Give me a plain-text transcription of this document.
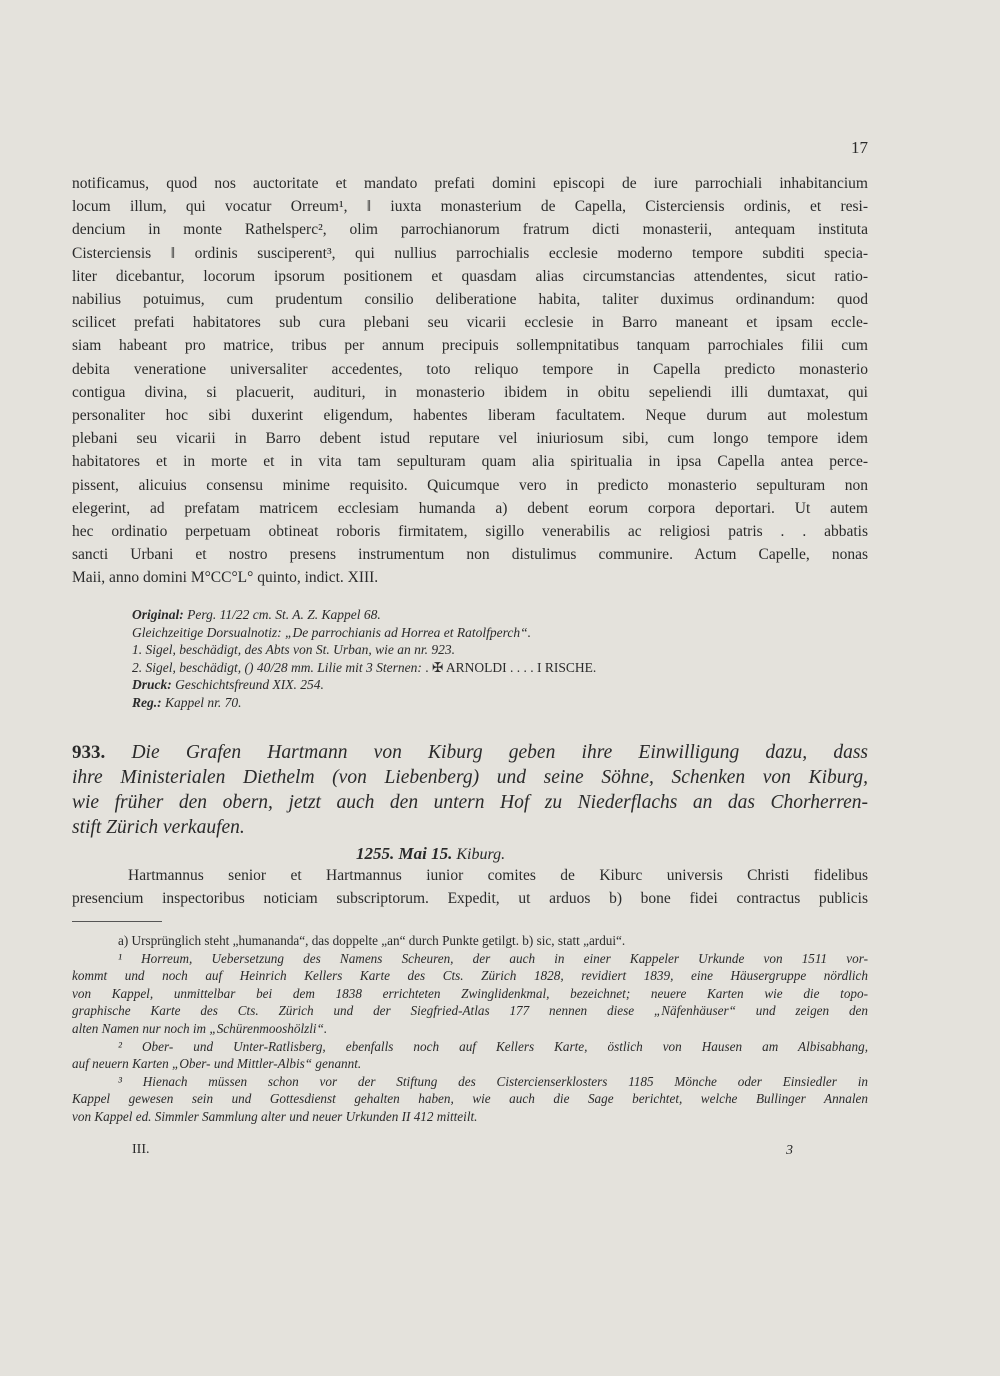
17
notificamus, quod nos auctoritate et mandato prefati domini episcopi de iure parrochiali inhabitancium
locum illum, qui vocatur Orreum¹, ‖ iuxta monasterium de Capella, Cisterciensis ordinis, et resi-
dencium in monte Rathelsperc², olim parrochianorum fratrum dicti monasterii, antequam instituta
Cisterciensis ‖ ordinis susciperent³, qui nullius parrochialis ecclesie moderno tempore subditi specia-
liter dicebantur, locorum ipsorum positionem et quasdam alias circumstancias attendentes, sicut ratio-
nabilius potuimus, cum prudentum consilio deliberatione habita, taliter duximus ordinandum: quod
scilicet prefati habitatores sub cura plebani seu vicarii ecclesie in Barro maneant et ipsam eccle-
siam habeant pro matrice, tribus per annum precipuis sollempnitatibus tanquam parrochiales filii cum
debita veneratione universaliter accedentes, toto reliquo tempore in Capella predicto monasterio
contigua divina, si placuerit, audituri, in monasterio ibidem in obitu sepeliendi illi dumtaxat, qui
personaliter hoc sibi duxerint eligendum, habentes liberam facultatem. Neque durum aut molestum
plebani seu vicarii in Barro debent istud reputare vel iniuriosum sibi, cum longo tempore idem
habitatores et in morte et in vita tam sepulturam quam alia spiritualia in ipsa Capella antea perce-
pissent, alicuius consensu minime requisito. Quicumque vero in predicto monasterio sepulturam non
elegerint, ad prefatam matricem ecclesiam humanda a) debent eorum corpora deportari. Ut autem
hec ordinatio perpetuam obtineat roboris firmitatem, sigillo venerabilis ac religiosi patris . . abbatis
sancti Urbani et nostro presens instrumentum non distulimus communire. Actum Capelle, nonas
Maii, anno domini M°CC°L° quinto, indict. XIII.
Original: Perg. 11/22 cm. St. A. Z. Kappel 68.
Gleichzeitige Dorsualnotiz: „De parrochianis ad Horrea et Ratolfperch“.
1. Sigel, beschädigt, des Abts von St. Urban, wie an nr. 923.
2. Sigel, beschädigt, () 40/28 mm. Lilie mit 3 Sternen: . ✠ ARNOLDI . . . . I RISCHE.
Druck: Geschichtsfreund XIX. 254.
Reg.: Kappel nr. 70.
933. Die Grafen Hartmann von Kiburg geben ihre Einwilligung dazu, dass
ihre Ministerialen Diethelm (von Liebenberg) und seine Söhne, Schenken von Kiburg,
wie früher den obern, jetzt auch den untern Hof zu Niederflachs an das Chorherren-
stift Zürich verkaufen.
1255. Mai 15. Kiburg.
Hartmannus senior et Hartmannus iunior comites de Kiburc universis Christi fidelibus
presencium inspectoribus noticiam subscriptorum. Expedit, ut arduos b) bone fidei contractus publicis
a) Ursprünglich steht „humananda“, das doppelte „an“ durch Punkte getilgt. b) sic, statt „ardui“.
¹ Horreum, Uebersetzung des Namens Scheuren, der auch in einer Kappeler Urkunde von 1511 vor-
kommt und noch auf Heinrich Kellers Karte des Cts. Zürich 1828, revidiert 1839, eine Häusergruppe nördlich
von Kappel, unmittelbar bei dem 1838 errichteten Zwinglidenkmal, bezeichnet; neuere Karten wie die topo-
graphische Karte des Cts. Zürich und der Siegfried-Atlas 177 nennen diese „Näfenhäuser“ und zeigen den
alten Namen nur noch im „Schürenmooshölzli“.
² Ober- und Unter-Ratlisberg, ebenfalls noch auf Kellers Karte, östlich von Hausen am Albisabhang,
auf neuern Karten „Ober- und Mittler-Albis“ genannt.
³ Hienach müssen schon vor der Stiftung des Cistercienserklosters 1185 Mönche oder Einsiedler in
Kappel gewesen sein und Gottesdienst gehalten haben, wie auch die Sage berichtet, welche Bullinger Annalen
von Kappel ed. Simmler Sammlung alter und neuer Urkunden II 412 mitteilt.
III.	3
